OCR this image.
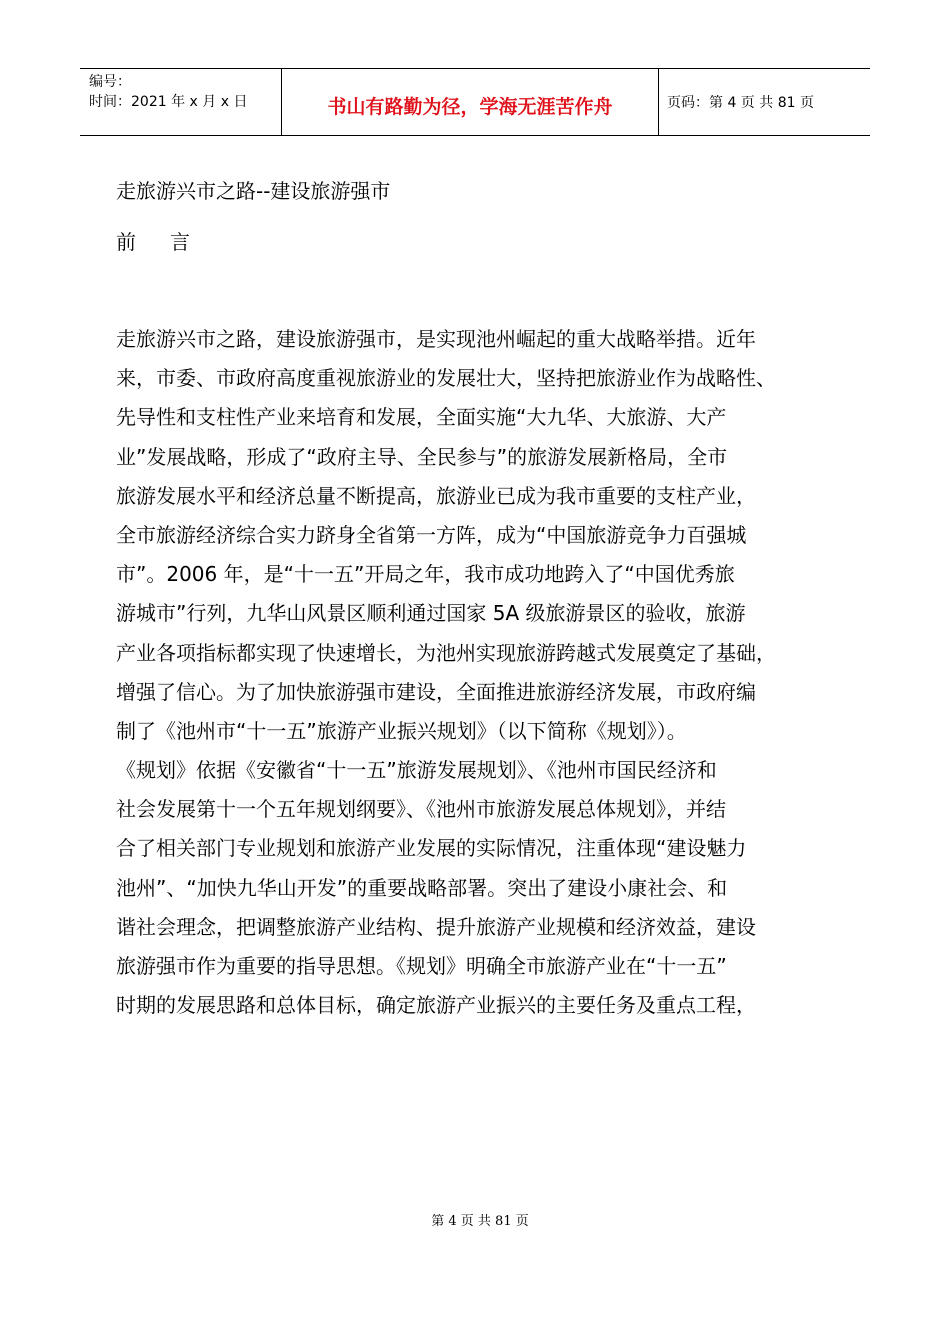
编号：
时间：2021 年 x 月 x 日	书山有路勤为径，学海无涯苦作舟	页码：第 4 页 共 81 页
走旅游兴市之路--建设旅游强市
前言
走旅游兴市之路，建设旅游强市，是实现池州崛起的重大战略举措。近年
来，市委、市政府高度重视旅游业的发展壮大，坚持把旅游业作为战略性、
先导性和支柱性产业来培育和发展，全面实施“大九华、大旅游、大产
业”发展战略，形成了“政府主导、全民参与”的旅游发展新格局，全市
旅游发展水平和经济总量不断提高，旅游业已成为我市重要的支柱产业，
全市旅游经济综合实力跻身全省第一方阵，成为“中国旅游竞争力百强城
市”。2006 年，是“十一五”开局之年，我市成功地跨入了“中国优秀旅
游城市”行列，九华山风景区顺利通过国家 5A 级旅游景区的验收，旅游
产业各项指标都实现了快速增长，为池州实现旅游跨越式发展奠定了基础，
增强了信心。为了加快旅游强市建设，全面推进旅游经济发展，市政府编
制了《池州市“十一五”旅游产业振兴规划》（以下简称《规划》）。
《规划》依据《安徽省“十一五”旅游发展规划》、《池州市国民经济和
社会发展第十一个五年规划纲要》、《池州市旅游发展总体规划》，并结
合了相关部门专业规划和旅游产业发展的实际情况，注重体现“建设魅力
池州”、“加快九华山开发”的重要战略部署。突出了建设小康社会、和
谐社会理念，把调整旅游产业结构、提升旅游产业规模和经济效益，建设
旅游强市作为重要的指导思想。《规划》明确全市旅游产业在“十一五”
时期的发展思路和总体目标，确定旅游产业振兴的主要任务及重点工程，
第 4 页 共 81 页
